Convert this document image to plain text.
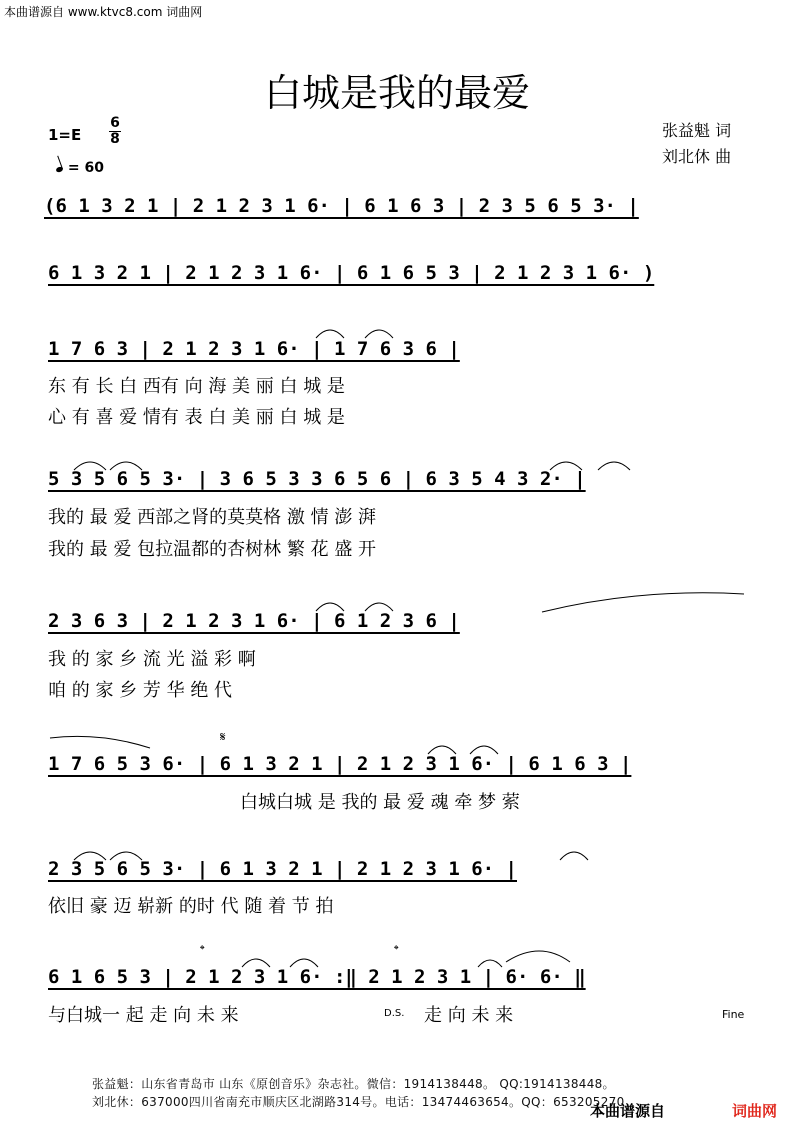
本曲谱源自 www.ktvc8.com 词曲网
白城是我的最爱
张益魁 词
刘北休 曲
1=E
6
8
= 60
(6 1 3 2 1 | 2 1 2 3 1 6· | 6 1 6 3 | 2 3 5 6 5 3· |
6 1 3 2 1 | 2 1 2 3 1 6· | 6 1 6 5 3 | 2 1 2 3 1 6· )
1 7 6 3 | 2 1 2 3 1 6· | 1 7 6 3 6 |
东 有 长 白 西有 向 海 美 丽 白 城 是
心 有 喜 爱 情有 表 白 美 丽 白 城 是
5 3 5 6 5 3· | 3 6 5 3 3 6 5 6 | 6 3 5 4 3 2· |
我的 最 爱 西部之肾的莫莫格 激 情 澎 湃
我的 最 爱 包拉温都的杏树林 繁 花 盛 开
2 3 6 3 | 2 1 2 3 1 6· | 6 1 2 3 6 |
我 的 家 乡 流 光 溢 彩 啊
咱 的 家 乡 芳 华 绝 代
𝄋
1 7 6 5 3 6· | 6 1 3 2 1 | 2 1 2 3 1 6· | 6 1 6 3 |
白城白城 是 我的 最 爱 魂 牵 梦 萦
2 3 5 6 5 3· | 6 1 3 2 1 | 2 1 2 3 1 6· |
依旧 豪 迈 崭新 的时 代 随 着 节 拍
𝄌	𝄌
6 1 6 5 3 | 2 1 2 3 1 6· :‖ 2 1 2 3 1 | 6· 6· ‖
与白城一 起 走 向 未 来	D.S. 走 向 未 来	Fine
张益魁：山东省青岛市 山东《原创音乐》杂志社。微信：1914138448。 QQ:1914138448。
刘北休：637000四川省南充市顺庆区北湖路314号。电话：13474463654。QQ：653205270
本曲谱源自	词曲网
